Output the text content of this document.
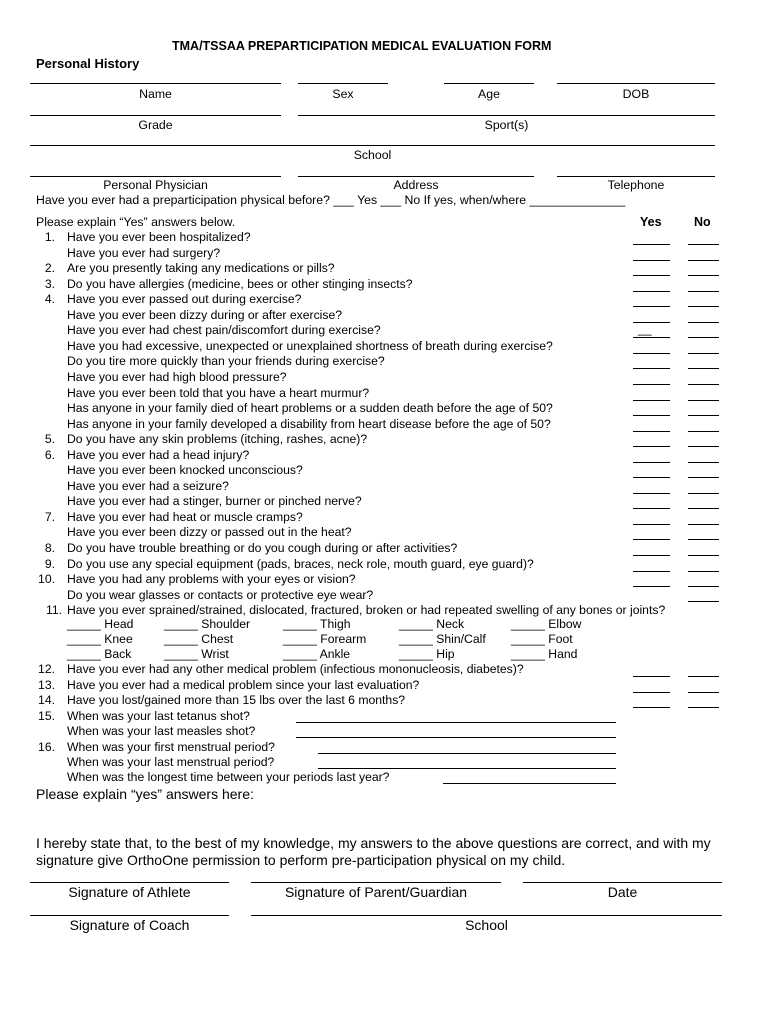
TMA/TSSAA PREPARTICIPATION MEDICAL EVALUATION FORM
Personal History
Name	Sex	Age	DOB
Grade	Sport(s)
School
Personal Physician	Address	Telephone
Have you ever had a preparticipation physical before? ___ Yes ___ No If yes, when/where ______________
Please explain “Yes” answers below.	Yes	No
1. Have you ever been hospitalized?
Have you ever had surgery?
2. Are you presently taking any medications or pills?
3. Do you have allergies (medicine, bees or other stinging insects?
4. Have you ever passed out during exercise?
Have you ever been dizzy during or after exercise?
Have you ever had chest pain/discomfort during exercise?
Have you had excessive, unexpected or unexplained shortness of breath during exercise?
Do you tire more quickly than your friends during exercise?
Have you ever had high blood pressure?
Have you ever been told that you have a heart murmur?
Has anyone in your family died of heart problems or a sudden death before the age of 50?
Has anyone in your family developed a disability from heart disease before the age of 50?
5. Do you have any skin problems (itching, rashes, acne)?
6. Have you ever had a head injury?
Have you ever been knocked unconscious?
Have you ever had a seizure?
Have you ever had a stinger, burner or pinched nerve?
7. Have you ever had heat or muscle cramps?
Have you ever been dizzy or passed out in the heat?
8. Do you have trouble breathing or do you cough during or after activities?
9. Do you use any special equipment (pads, braces, neck role, mouth guard, eye guard)?
10. Have you had any problems with your eyes or vision?
Do you wear glasses or contacts or protective eye wear?
__
11. Have you ever sprained/strained, dislocated, fractured, broken or had repeated swelling of any bones or joints?
_____ Head	_____ Shoulder	_____ Thigh	_____ Neck	_____ Elbow
_____ Knee	_____ Chest	_____ Forearm	_____ Shin/Calf _____ Foot
_____ Back	_____ Wrist	_____ Ankle	_____ Hip	_____ Hand
12. Have you ever had any other medical problem (infectious mononucleosis, diabetes)?
13. Have you ever had a medical problem since your last evaluation?
14. Have you lost/gained more than 15 lbs over the last 6 months?
15. When was your last tetanus shot?
When was your last measles shot?
16. When was your first menstrual period?
When was your last menstrual period?
When was the longest time between your periods last year?
Please explain “yes” answers here:
I hereby state that, to the best of my knowledge, my answers to the above questions are correct, and with my signature give OrthoOne permission to perform pre-participation physical on my child.
Signature of Athlete	Signature of Parent/Guardian	Date
Signature of Coach	School
